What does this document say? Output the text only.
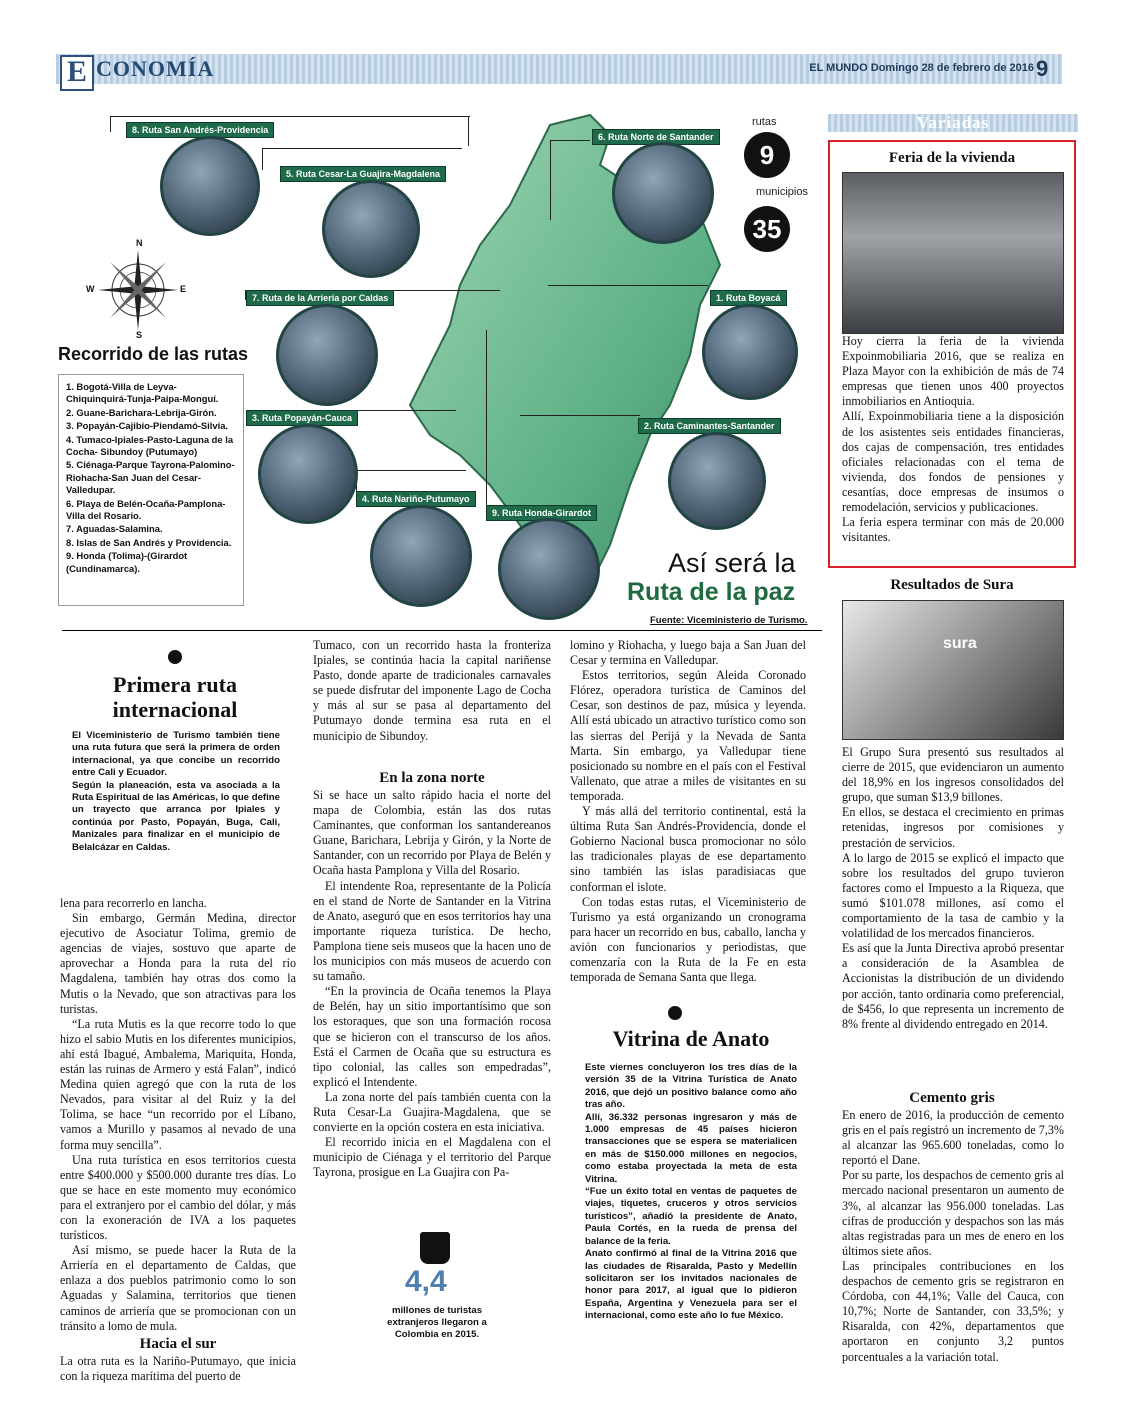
E CONOMÍA	EL MUNDO Domingo 28 de febrero de 2016 9
8. Ruta San Andrés-Providencia
5. Ruta Cesar-La Guajira-Magdalena
6. Ruta Norte de Santander
7. Ruta de la Arriería por Caldas	1. Ruta Boyacá
3. Ruta Popayán-Cauca
2. Ruta Caminantes-Santander
4. Ruta Nariño-Putumayo
9. Ruta Honda-Girardot
rutas
9
municipios
35
N
S
E
W
Recorrido de las rutas

1. Bogotá-Villa de Leyva-Chiquinquirá-Tunja-Paipa-Monguí.

2. Guane-Barichara-Lebrija-Girón.

3. Popayán-Cajibío-Piendamó-Silvia.

4. Tumaco-Ipiales-Pasto-Laguna de la Cocha- Sibundoy (Putumayo)

5. Ciénaga-Parque Tayrona-Palomino-Riohacha-San Juan del Cesar-Valledupar.

6. Playa de Belén-Ocaña-Pamplona-Villa del Rosario.

7. Aguadas-Salamina.

8. Islas de San Andrés y Providencia.

9. Honda (Tolima)-(Girardot (Cundinamarca).	Así será la
Ruta de la paz
Fuente: Viceministerio de Turismo.
Primera ruta
internacional

El Viceministerio de Turismo también tiene una ruta futura que será la primera de orden internacional, ya que concibe un recorrido entre Cali y Ecuador.

Según la planeación, esta va asociada a la Ruta Espiritual de las Américas, lo que define un trayecto que arranca por Ipiales y continúa por Pasto, Popayán, Buga, Cali, Manizales para finalizar en el municipio de Belalcázar en Caldas.

lena para recorrerlo en lancha.

Sin embargo, Germán Medina, director ejecutivo de Asociatur Tolima, gremio de agencias de viajes, sostuvo que aparte de aprovechar a Honda para la ruta del río Magdalena, también hay otras dos como la Mutis o la Nevado, que son atractivas para los turistas.

“La ruta Mutis es la que recorre todo lo que hizo el sabio Mutis en los diferentes municipios, ahí está Ibagué, Ambalema, Mariquita, Honda, están las ruinas de Armero y está Falan”, indicó Medina quien agregó que con la ruta de los Nevados, para visitar al del Ruiz y la del Tolima, se hace “un recorrido por el Líbano, vamos a Murillo y pasamos al nevado de una forma muy sencilla”.

Una ruta turística en esos territorios cuesta entre $400.000 y $500.000 durante tres días. Lo que se hace en este momento muy económico para el extranjero por el cambio del dólar, y más con la exoneración de IVA a los paquetes turísticos.

Así mismo, se puede hacer la Ruta de la Arriería en el departamento de Caldas, que enlaza a dos pueblos patrimonio como lo son Aguadas y Salamina, territorios que tienen caminos de arriería que se promocionan con un tránsito a lomo de mula.

Hacia el sur

La otra ruta es la Nariño-Putumayo, que inicia con la riqueza marítima del puerto de

Tumaco, con un recorrido hasta la fronteriza Ipiales, se continúa hacia la capital nariñense Pasto, donde aparte de tradicionales carnavales se puede disfrutar del imponente Lago de Cocha y más al sur se pasa al departamento del Putumayo donde termina esa ruta en el municipio de Sibundoy.

En la zona norte

Si se hace un salto rápido hacia el norte del mapa de Colombia, están las dos rutas Caminantes, que conforman los santandereanos Guane, Barichara, Lebrija y Girón, y la Norte de Santander, con un recorrido por Playa de Belén y Ocaña hasta Pamplona y Villa del Rosario.

El intendente Roa, representante de la Policía en el stand de Norte de Santander en la Vitrina de Anato, aseguró que en esos territorios hay una importante riqueza turística. De hecho, Pamplona tiene seis museos que la hacen uno de los municipios con más museos de acuerdo con su tamaño.

“En la provincia de Ocaña tenemos la Playa de Belén, hay un sitio importantísimo que son los estoraques, que son una formación rocosa que se hicieron con el transcurso de los años. Está el Carmen de Ocaña que su estructura es tipo colonial, las calles son empedradas”, explicó el Intendente.

La zona norte del país también cuenta con la Ruta Cesar-La Guajira-Magdalena, que se convierte en la opción costera en esta iniciativa.

El recorrido inicia en el Magdalena con el municipio de Ciénaga y el territorio del Parque Tayrona, prosigue en La Guajira con Pa-

4,4
millones de turistas extranjeros llegaron a Colombia en 2015.

lomino y Riohacha, y luego baja a San Juan del Cesar y termina en Valledupar.

Estos territorios, según Aleida Coronado Flórez, operadora turística de Caminos del Cesar, son destinos de paz, música y leyenda. Allí está ubicado un atractivo turístico como son las sierras del Perijá y la Nevada de Santa Marta. Sin embargo, ya Valledupar tiene posicionado su nombre en el país con el Festival Vallenato, que atrae a miles de visitantes en su temporada.

Y más allá del territorio continental, está la última Ruta San Andrés-Providencia, donde el Gobierno Nacional busca promocionar no sólo las tradicionales playas de ese departamento sino también las islas paradisiacas que conforman el islote.

Con todas estas rutas, el Viceministerio de Turismo ya está organizando un cronograma para hacer un recorrido en bus, caballo, lancha y avión con funcionarios y periodistas, que comenzaría con la Ruta de la Fe en esta temporada de Semana Santa que llega.

Vitrina de Anato

Este viernes concluyeron los tres días de la versión 35 de la Vitrina Turística de Anato 2016, que dejó un positivo balance como año tras año.

Allí, 36.332 personas ingresaron y más de 1.000 empresas de 45 países hicieron transacciones que se espera se materialicen en más de $150.000 millones en negocios, como estaba proyectada la meta de esta Vitrina.

“Fue un éxito total en ventas de paquetes de viajes, tiquetes, cruceros y otros servicios turísticos”, añadió la presidente de Anato, Paula Cortés, en la rueda de prensa del balance de la feria.

Anato confirmó al final de la Vitrina 2016 que las ciudades de Risaralda, Pasto y Medellín solicitaron ser los invitados nacionales de honor para 2017, al igual que lo pidieron España, Argentina y Venezuela para ser el internacional, como este año lo fue México.

Variadas
Feria de la vivienda

Hoy cierra la feria de la vivienda Expoinmobiliaria 2016, que se realiza en Plaza Mayor con la exhibición de más de 74 empresas que tienen unos 400 proyectos inmobiliarios en Antioquia.

Allí, Expoinmobiliaria tiene a la disposición de los asistentes seis entidades financieras, dos cajas de compensación, tres entidades oficiales relacionadas con el tema de vivienda, dos fondos de pensiones y cesantías, doce empresas de insumos o remodelación, servicios y publicaciones.

La feria espera terminar con más de 20.000 visitantes.

Resultados de Sura
sura

El Grupo Sura presentó sus resultados al cierre de 2015, que evidenciaron un aumento del 18,9% en los ingresos consolidados del grupo, que suman $13,9 billones.

En ellos, se destaca el crecimiento en primas retenidas, ingresos por comisiones y prestación de servicios.

A lo largo de 2015 se explicó el impacto que sobre los resultados del grupo tuvieron factores como el Impuesto a la Riqueza, que sumó $101.078 millones, así como el comportamiento de la tasa de cambio y la volatilidad de los mercados financieros.

Es así que la Junta Directiva aprobó presentar a consideración de la Asamblea de Accionistas la distribución de un dividendo por acción, tanto ordinaria como preferencial, de $456, lo que representa un incremento de 8% frente al dividendo entregado en 2014.

Cemento gris

En enero de 2016, la producción de cemento gris en el país registró un incremento de 7,3% al alcanzar las 965.600 toneladas, como lo reportó el Dane.

Por su parte, los despachos de cemento gris al mercado nacional presentaron un aumento de 3%, al alcanzar las 956.000 toneladas. Las cifras de producción y despachos son las más altas registradas para un mes de enero en los últimos siete años.

Las principales contribuciones en los despachos de cemento gris se registraron en Córdoba, con 44,1%; Valle del Cauca, con 10,7%; Norte de Santander, con 33,5%; y Risaralda, con 42%, departamentos que aportaron en conjunto 3,2 puntos porcentuales a la variación total.
